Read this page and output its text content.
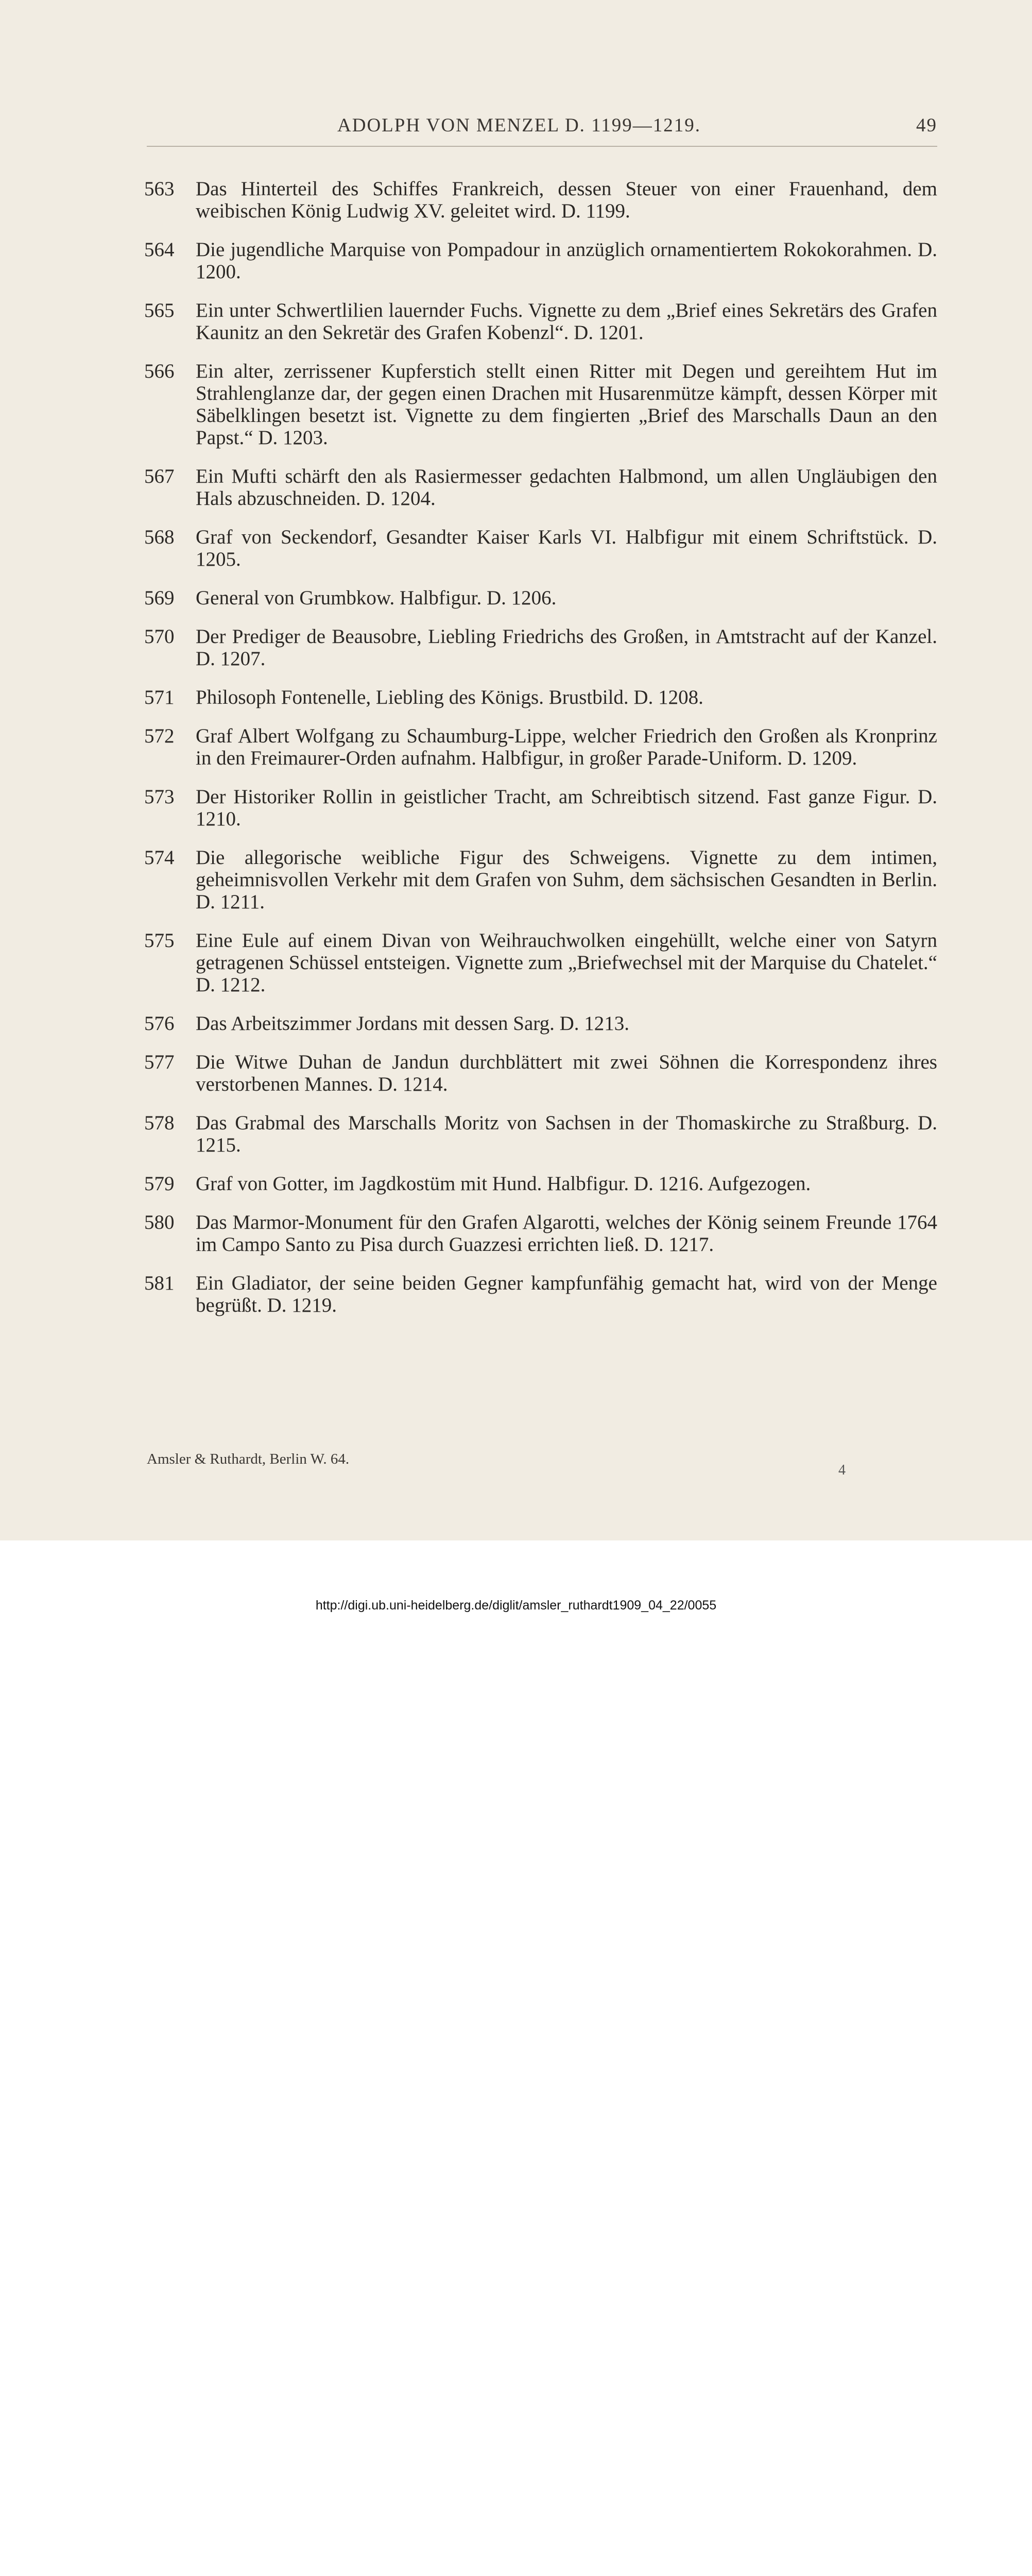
ADOLPH VON MENZEL D. 1199—1219.	49
563 Das Hinterteil des Schiffes Frankreich, dessen Steuer von einer Frauenhand, dem weibischen König Ludwig XV. geleitet wird. D. 1199.
564 Die jugendliche Marquise von Pompadour in anzüglich ornamentiertem Rokokorahmen. D. 1200.
565 Ein unter Schwertlilien lauernder Fuchs. Vignette zu dem „Brief eines Sekretärs des Grafen Kaunitz an den Sekretär des Grafen Kobenzl“. D. 1201.
566 Ein alter, zerrissener Kupferstich stellt einen Ritter mit Degen und gereihtem Hut im Strahlenglanze dar, der gegen einen Drachen mit Husarenmütze kämpft, dessen Körper mit Säbelklingen besetzt ist. Vignette zu dem fingierten „Brief des Marschalls Daun an den Papst.“ D. 1203.
567 Ein Mufti schärft den als Rasiermesser gedachten Halbmond, um allen Ungläubigen den Hals abzuschneiden. D. 1204.
568 Graf von Seckendorf, Gesandter Kaiser Karls VI. Halbfigur mit einem Schriftstück. D. 1205.
569 General von Grumbkow. Halbfigur. D. 1206.
570 Der Prediger de Beausobre, Liebling Friedrichs des Großen, in Amtstracht auf der Kanzel. D. 1207.
571 Philosoph Fontenelle, Liebling des Königs. Brustbild. D. 1208.
572 Graf Albert Wolfgang zu Schaumburg-Lippe, welcher Friedrich den Großen als Kronprinz in den Freimaurer-Orden aufnahm. Halbfigur, in großer Parade-Uniform. D. 1209.
573 Der Historiker Rollin in geistlicher Tracht, am Schreibtisch sitzend. Fast ganze Figur. D. 1210.
574 Die allegorische weibliche Figur des Schweigens. Vignette zu dem intimen, geheimnisvollen Verkehr mit dem Grafen von Suhm, dem sächsischen Gesandten in Berlin. D. 1211.
575 Eine Eule auf einem Divan von Weihrauchwolken eingehüllt, welche einer von Satyrn getragenen Schüssel entsteigen. Vignette zum „Briefwechsel mit der Marquise du Chatelet.“ D. 1212.
576 Das Arbeitszimmer Jordans mit dessen Sarg. D. 1213.
577 Die Witwe Duhan de Jandun durchblättert mit zwei Söhnen die Korrespondenz ihres verstorbenen Mannes. D. 1214.
578 Das Grabmal des Marschalls Moritz von Sachsen in der Thomaskirche zu Straßburg. D. 1215.
579 Graf von Gotter, im Jagdkostüm mit Hund. Halbfigur. D. 1216. Aufgezogen.
580 Das Marmor-Monument für den Grafen Algarotti, welches der König seinem Freunde 1764 im Campo Santo zu Pisa durch Guazzesi errichten ließ. D. 1217.
581 Ein Gladiator, der seine beiden Gegner kampfunfähig gemacht hat, wird von der Menge begrüßt. D. 1219.
Amsler & Ruthardt, Berlin W. 64.
4
http://digi.ub.uni-heidelberg.de/diglit/amsler_ruthardt1909_04_22/0055
